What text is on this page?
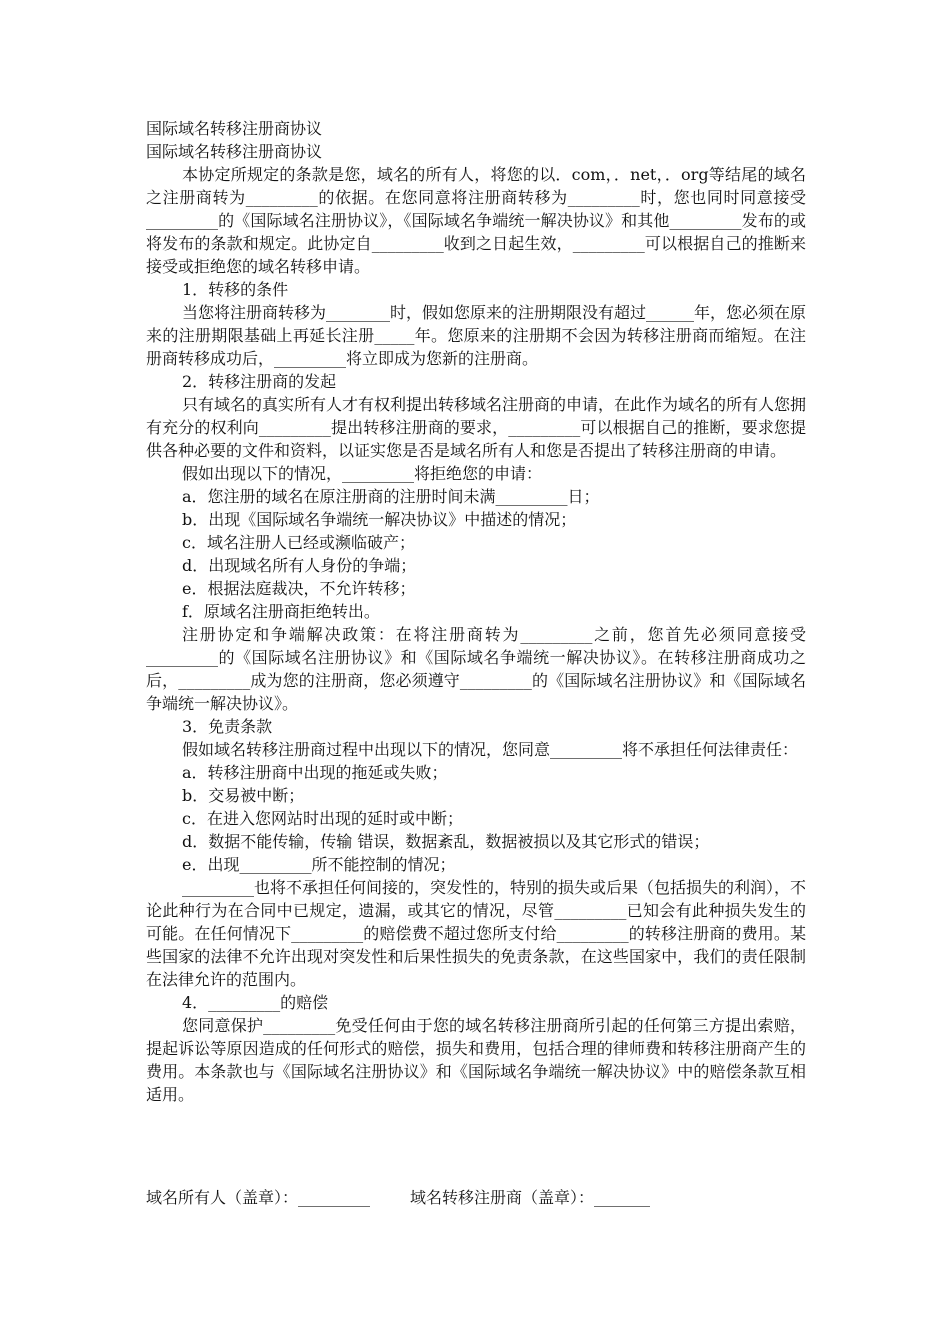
国际域名转移注册商协议

国际域名转移注册商协议

本协定所规定的条款是您，域名的所有人，将您的以．com，．net，．org等结尾的域名之注册商转为_________的依据。在您同意将注册商转移为_________时，您也同时同意接受_________的《国际域名注册协议》，《国际域名争端统一解决协议》和其他_________发布的或将发布的条款和规定。此协定自_________收到之日起生效，_________可以根据自己的推断来接受或拒绝您的域名转移申请。

1．转移的条件

当您将注册商转移为________时，假如您原来的注册期限没有超过______年，您必须在原来的注册期限基础上再延长注册_____年。您原来的注册期不会因为转移注册商而缩短。在注册商转移成功后，_________将立即成为您新的注册商。

2．转移注册商的发起

只有域名的真实所有人才有权利提出转移域名注册商的申请，在此作为域名的所有人您拥有充分的权利向_________提出转移注册商的要求，_________可以根据自己的推断，要求您提供各种必要的文件和资料，以证实您是否是域名所有人和您是否提出了转移注册商的申请。

假如出现以下的情况，_________将拒绝您的申请：

a．您注册的域名在原注册商的注册时间未满_________日；

b．出现《国际域名争端统一解决协议》中描述的情况；

c．域名注册人已经或濒临破产；

d．出现域名所有人身份的争端；

e．根据法庭裁决，不允许转移；

f．原域名注册商拒绝转出。

注册协定和争端解决政策：在将注册商转为_________之前，您首先必须同意接受_________的《国际域名注册协议》和《国际域名争端统一解决协议》。在转移注册商成功之后，_________成为您的注册商，您必须遵守_________的《国际域名注册协议》和《国际域名争端统一解决协议》。

3．免责条款

假如域名转移注册商过程中出现以下的情况，您同意_________将不承担任何法律责任：

a．转移注册商中出现的拖延或失败；

b．交易被中断；

c．在进入您网站时出现的延时或中断；

d．数据不能传输，传输 错误，数据紊乱，数据被损以及其它形式的错误；

e．出现_________所不能控制的情况；

_________也将不承担任何间接的，突发性的，特别的损失或后果（包括损失的利润），不论此种行为在合同中已规定，遗漏，或其它的情况，尽管_________已知会有此种损失发生的可能。在任何情况下_________的赔偿费不超过您所支付给_________的转移注册商的费用。某些国家的法律不允许出现对突发性和后果性损失的免责条款，在这些国家中，我们的责任限制在法律允许的范围内。

4．_________的赔偿

您同意保护_________免受任何由于您的域名转移注册商所引起的任何第三方提出索赔，提起诉讼等原因造成的任何形式的赔偿，损失和费用，包括合理的律师费和转移注册商产生的费用。本条款也与《国际域名注册协议》和《国际域名争端统一解决协议》中的赔偿条款互相适用。

域名所有人（盖章）：_________	域名转移注册商（盖章）：_______
